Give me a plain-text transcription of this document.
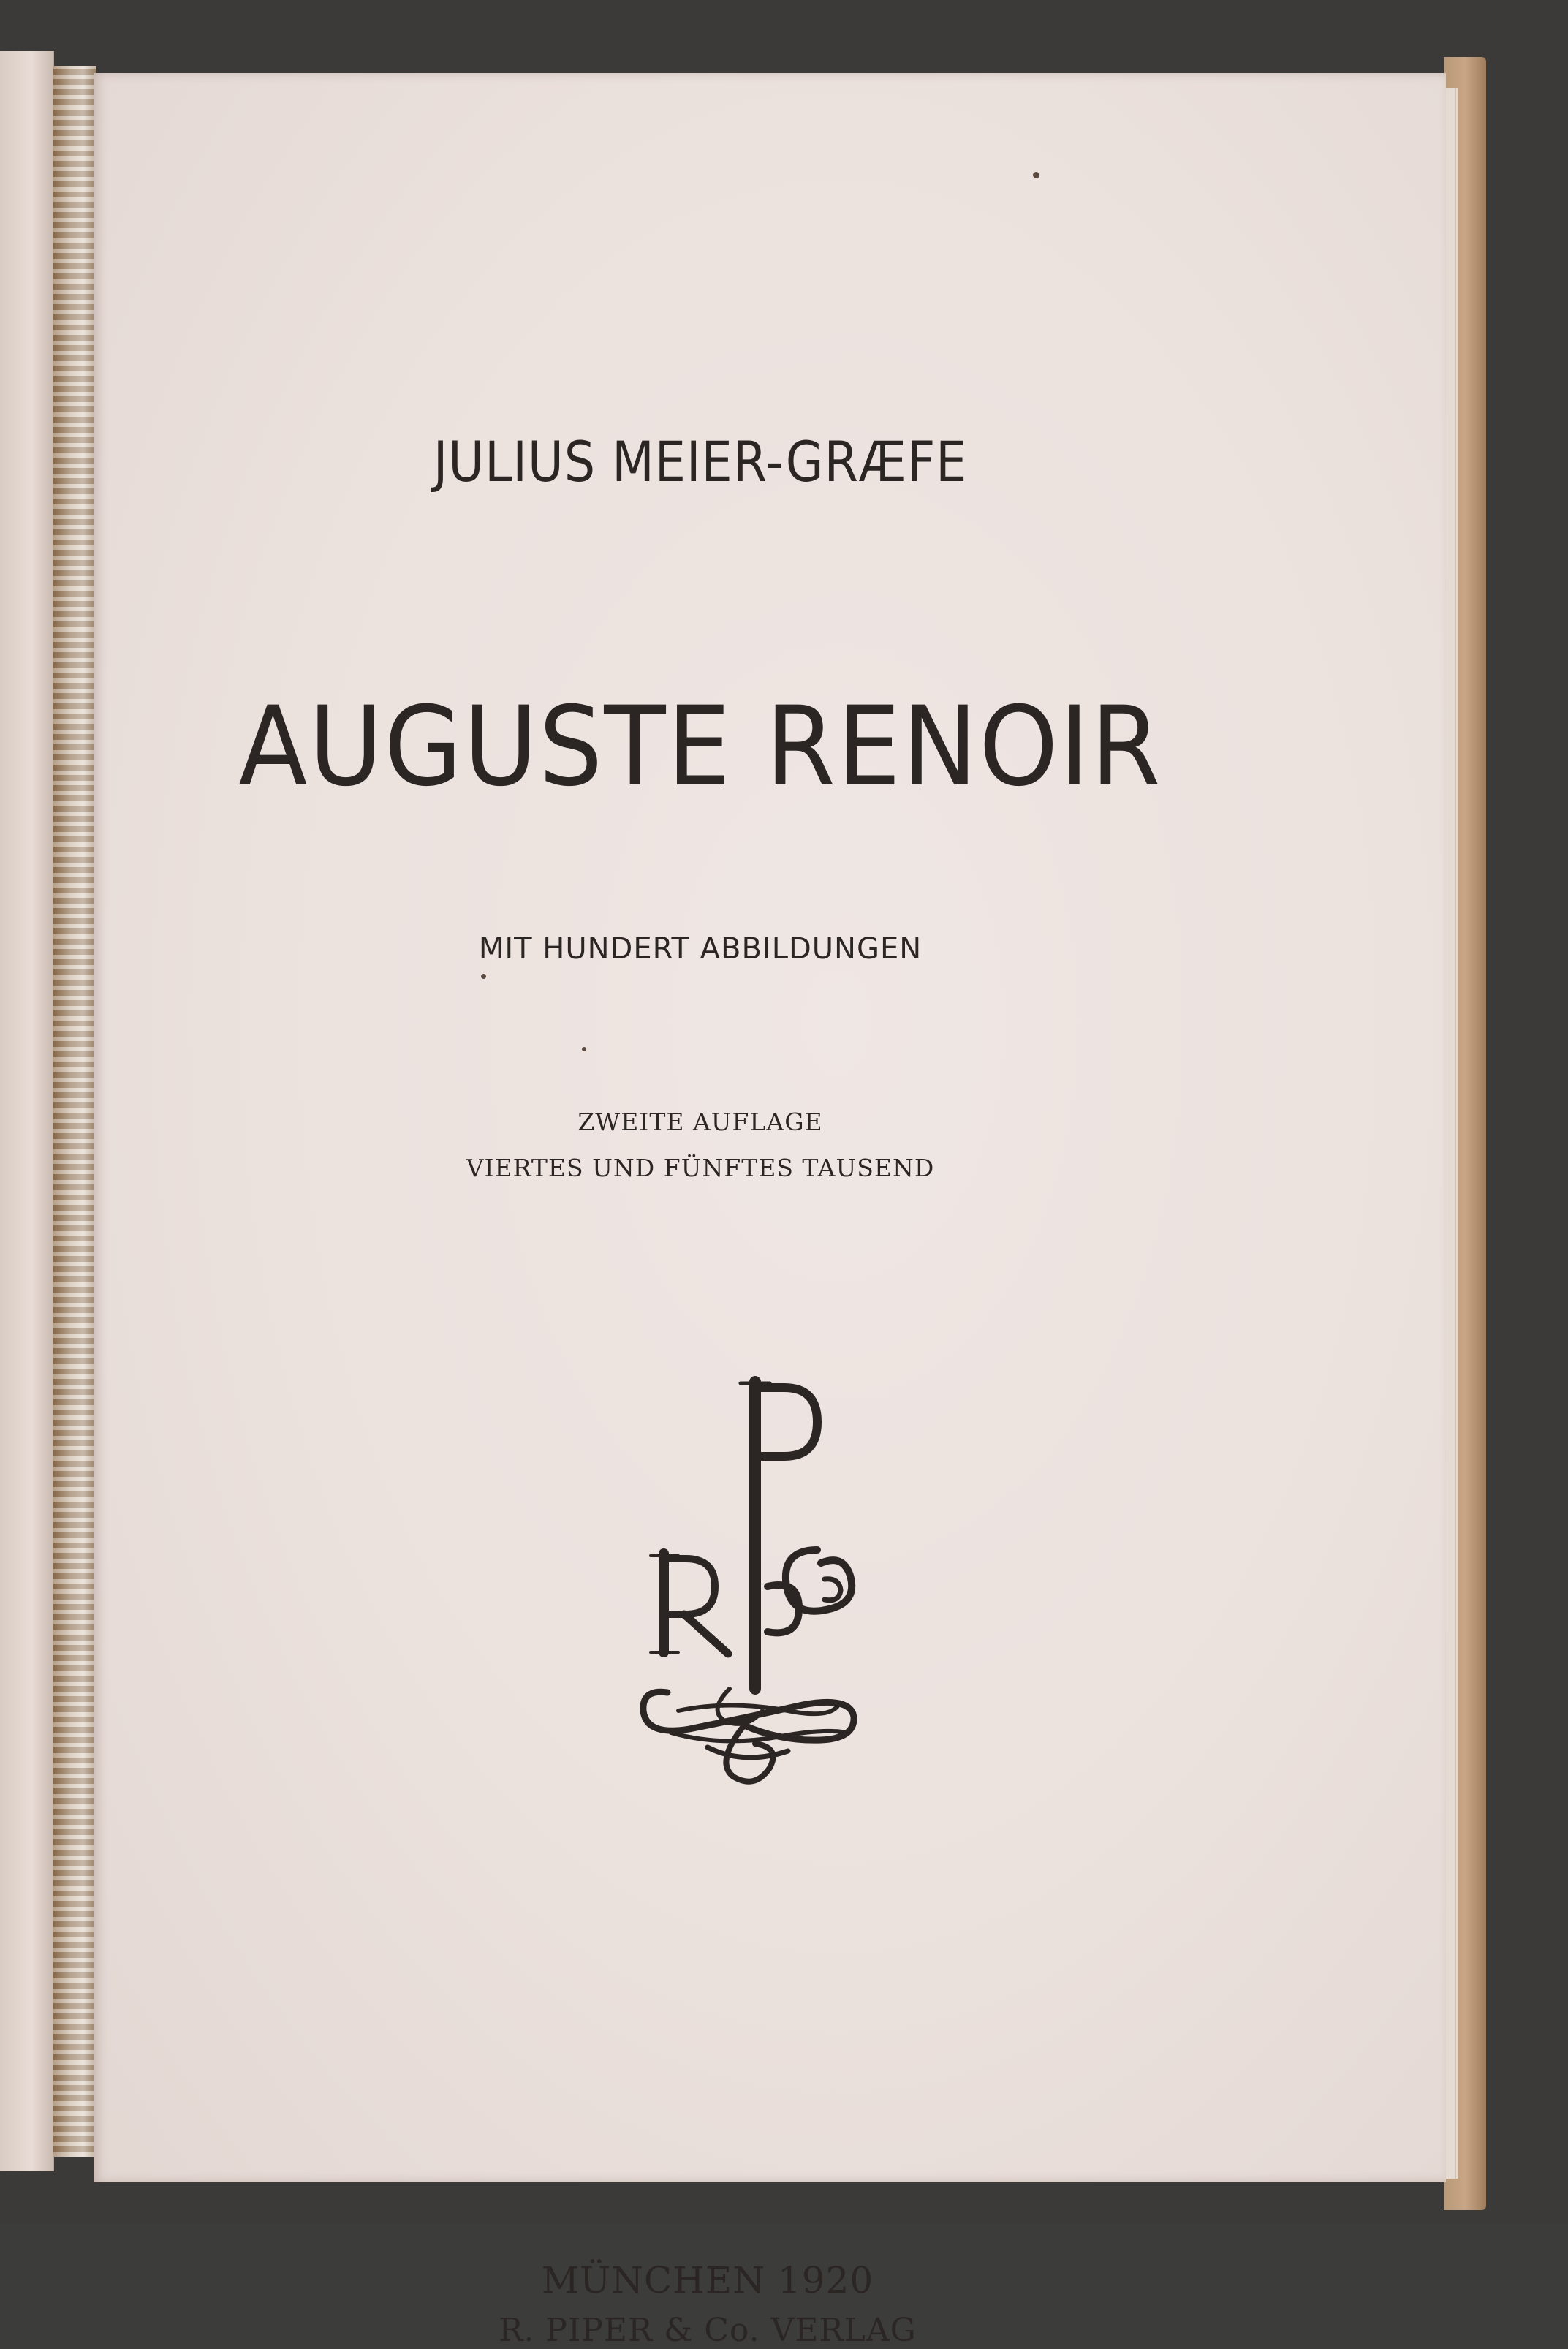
JULIUS MEIER-GRÆFE
AUGUSTE RENOIR
MIT HUNDERT ABBILDUNGEN
ZWEITE AUFLAGE
VIERTES UND FÜNFTES TAUSEND
MÜNCHEN 1920
R. PIPER & Co. VERLAG
